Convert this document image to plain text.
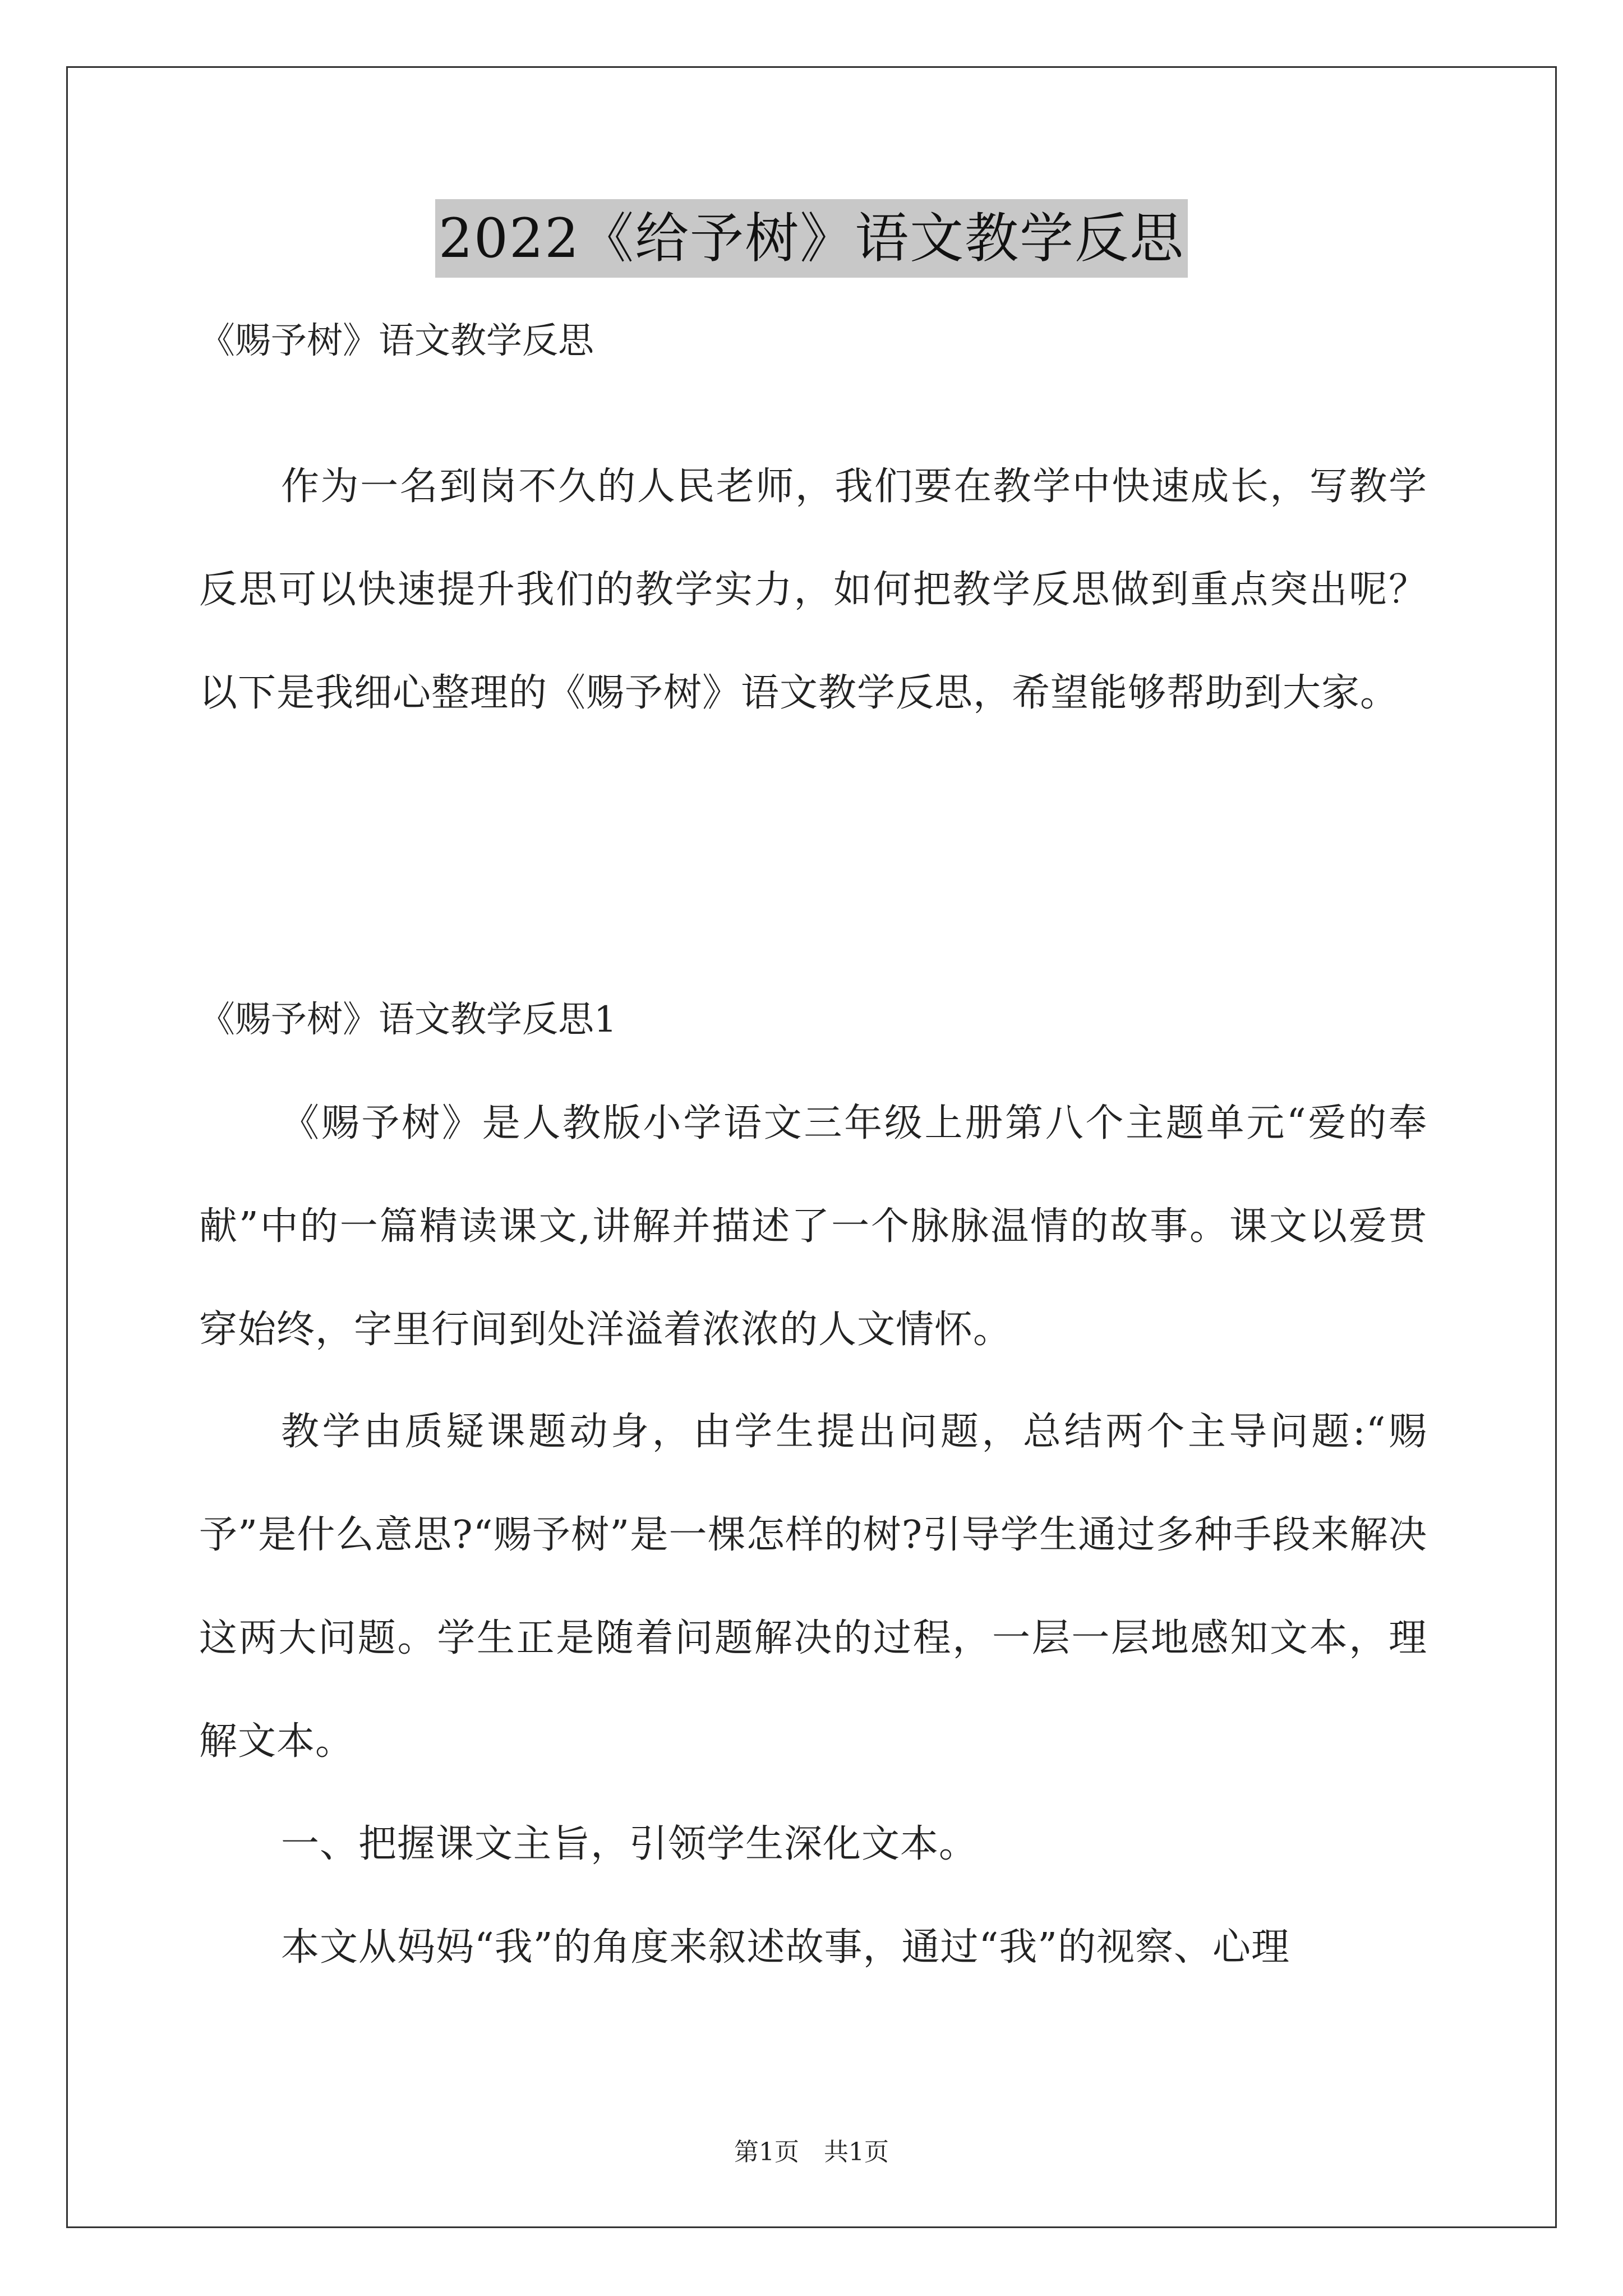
2022《给予树》语文教学反思
《赐予树》语文教学反思
作为一名到岗不久的人民老师，我们要在教学中快速成长，写教学反思可以快速提升我们的教学实力，如何把教学反思做到重点突出呢？以下是我细心整理的《赐予树》语文教学反思，希望能够帮助到大家。
《赐予树》语文教学反思1
《赐予树》是人教版小学语文三年级上册第八个主题单元“爱的奉献”中的一篇精读课文,讲解并描述了一个脉脉温情的故事。课文以爱贯穿始终，字里行间到处洋溢着浓浓的人文情怀。
教学由质疑课题动身，由学生提出问题，总结两个主导问题:“赐予”是什么意思?“赐予树”是一棵怎样的树?引导学生通过多种手段来解决这两大问题。学生正是随着问题解决的过程，一层一层地感知文本，理解文本。
一、把握课文主旨，引领学生深化文本。
本文从妈妈“我”的角度来叙述故事，通过“我”的视察、心理
第1页　共1页
